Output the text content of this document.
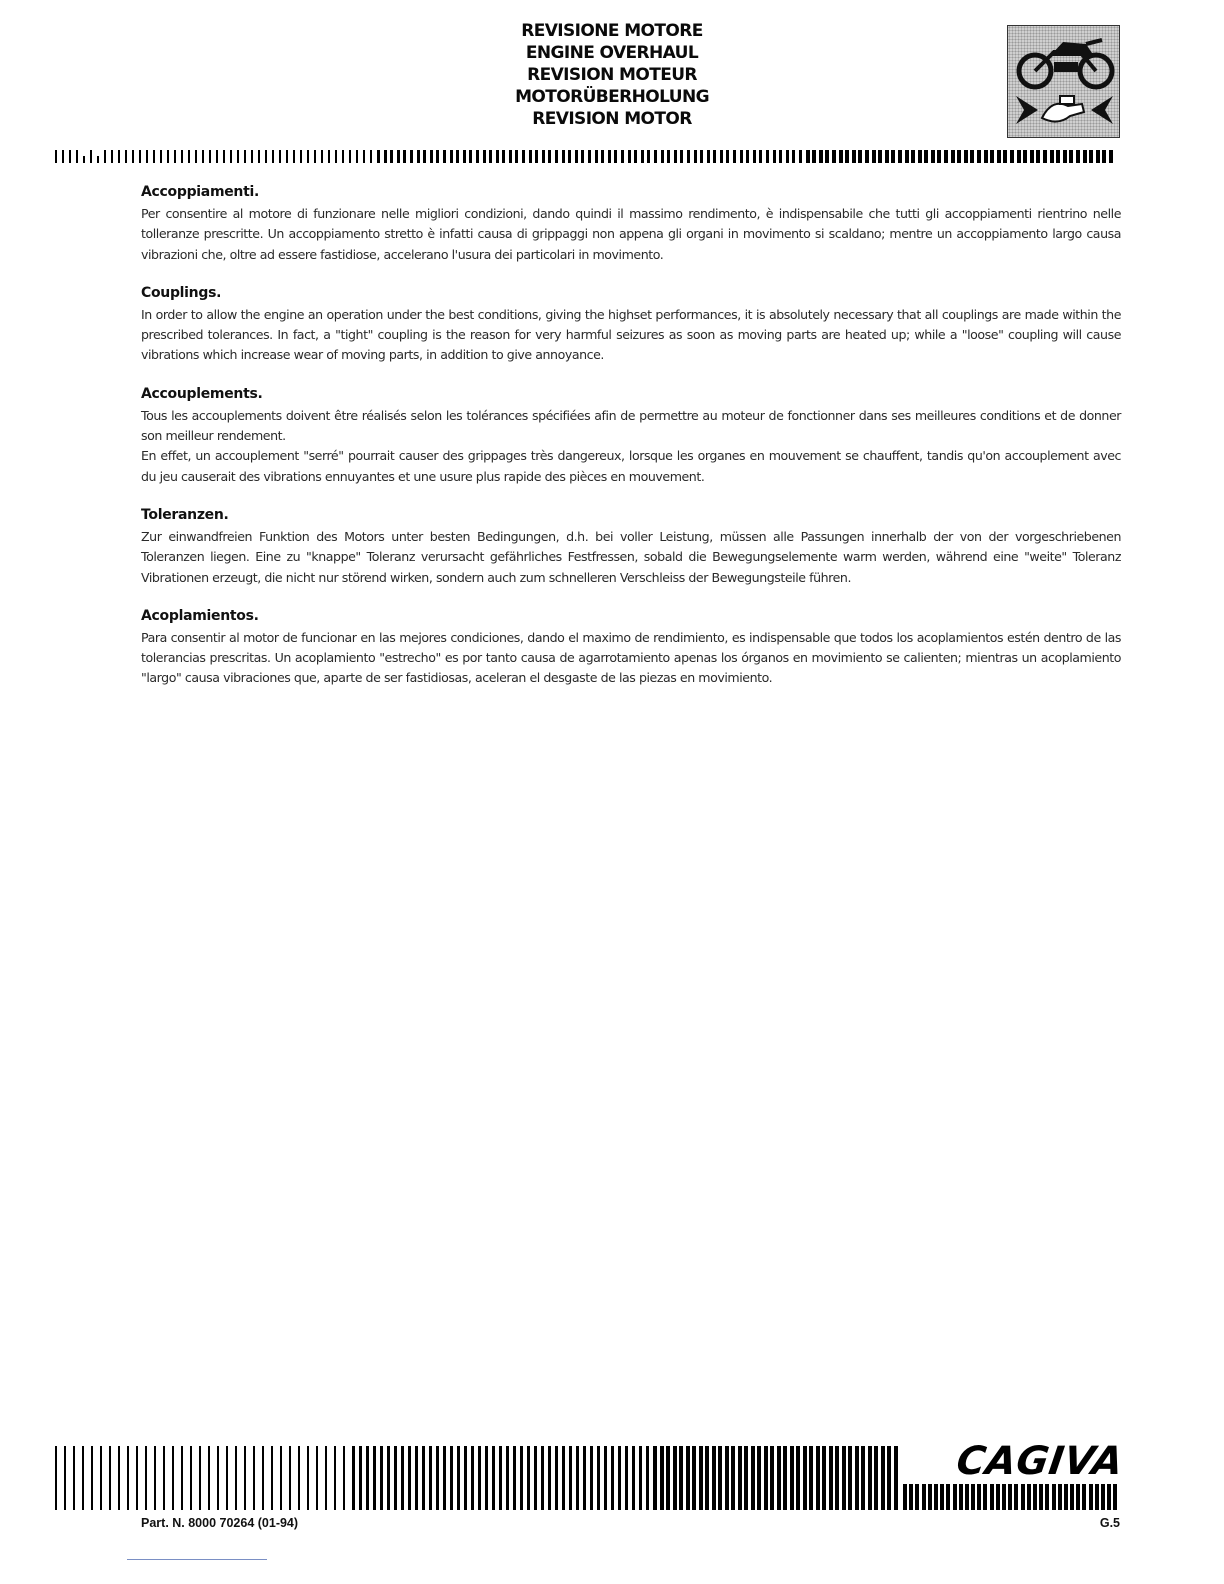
REVISIONE MOTORE
ENGINE OVERHAUL
REVISION MOTEUR
MOTORÜBERHOLUNG
REVISION MOTOR
Accoppiamenti.

Per consentire al motore di funzionare nelle migliori condizioni, dando quindi il massimo rendimento, è indispensabile che tutti gli accoppiamenti rientrino nelle tolleranze prescritte. Un accoppiamento stretto è infatti causa di grippaggi non appena gli organi in movimento si scaldano; mentre un accoppiamento largo causa vibrazioni che, oltre ad essere fastidiose, accelerano l'usura dei particolari in movimento.

Couplings.

In order to allow the engine an operation under the best conditions, giving the highset performances, it is absolutely necessary that all couplings are made within the prescribed tolerances. In fact, a "tight" coupling is the reason for very harmful seizures as soon as moving parts are heated up; while a "loose" coupling will cause vibrations which increase wear of moving parts, in addition to give annoyance.

Accouplements.

Tous les accouplements doivent être réalisés selon les tolérances spécifiées afin de permettre au moteur de fonctionner dans ses meilleures conditions et de donner son meilleur rendement.

En effet, un accouplement "serré" pourrait causer des grippages très dangereux, lorsque les organes en mouvement se chauffent, tandis qu'on accouplement avec du jeu causerait des vibrations ennuyantes et une usure plus rapide des pièces en mouvement.

Toleranzen.

Zur einwandfreien Funktion des Motors unter besten Bedingungen, d.h. bei voller Leistung, müssen alle Passungen innerhalb der von der vorgeschriebenen Toleranzen liegen. Eine zu "knappe" Toleranz verursacht gefährliches Festfressen, sobald die Bewegungselemente warm werden, während eine "weite" Toleranz Vibrationen erzeugt, die nicht nur störend wirken, sondern auch zum schnelleren Verschleiss der Bewegungsteile führen.

Acoplamientos.

Para consentir al motor de funcionar en las mejores condiciones, dando el maximo de rendimiento, es indispensable que todos los acoplamientos estén dentro de las tolerancias prescritas. Un acoplamiento "estrecho" es por tanto causa de agarrotamiento apenas los órganos en movimiento se calienten; mientras un acoplamiento "largo" causa vibraciones que, aparte de ser fastidiosas, aceleran el desgaste de las piezas en movimiento.

CAGIVA
Part. N. 8000 70264 (01-94)	G.5
